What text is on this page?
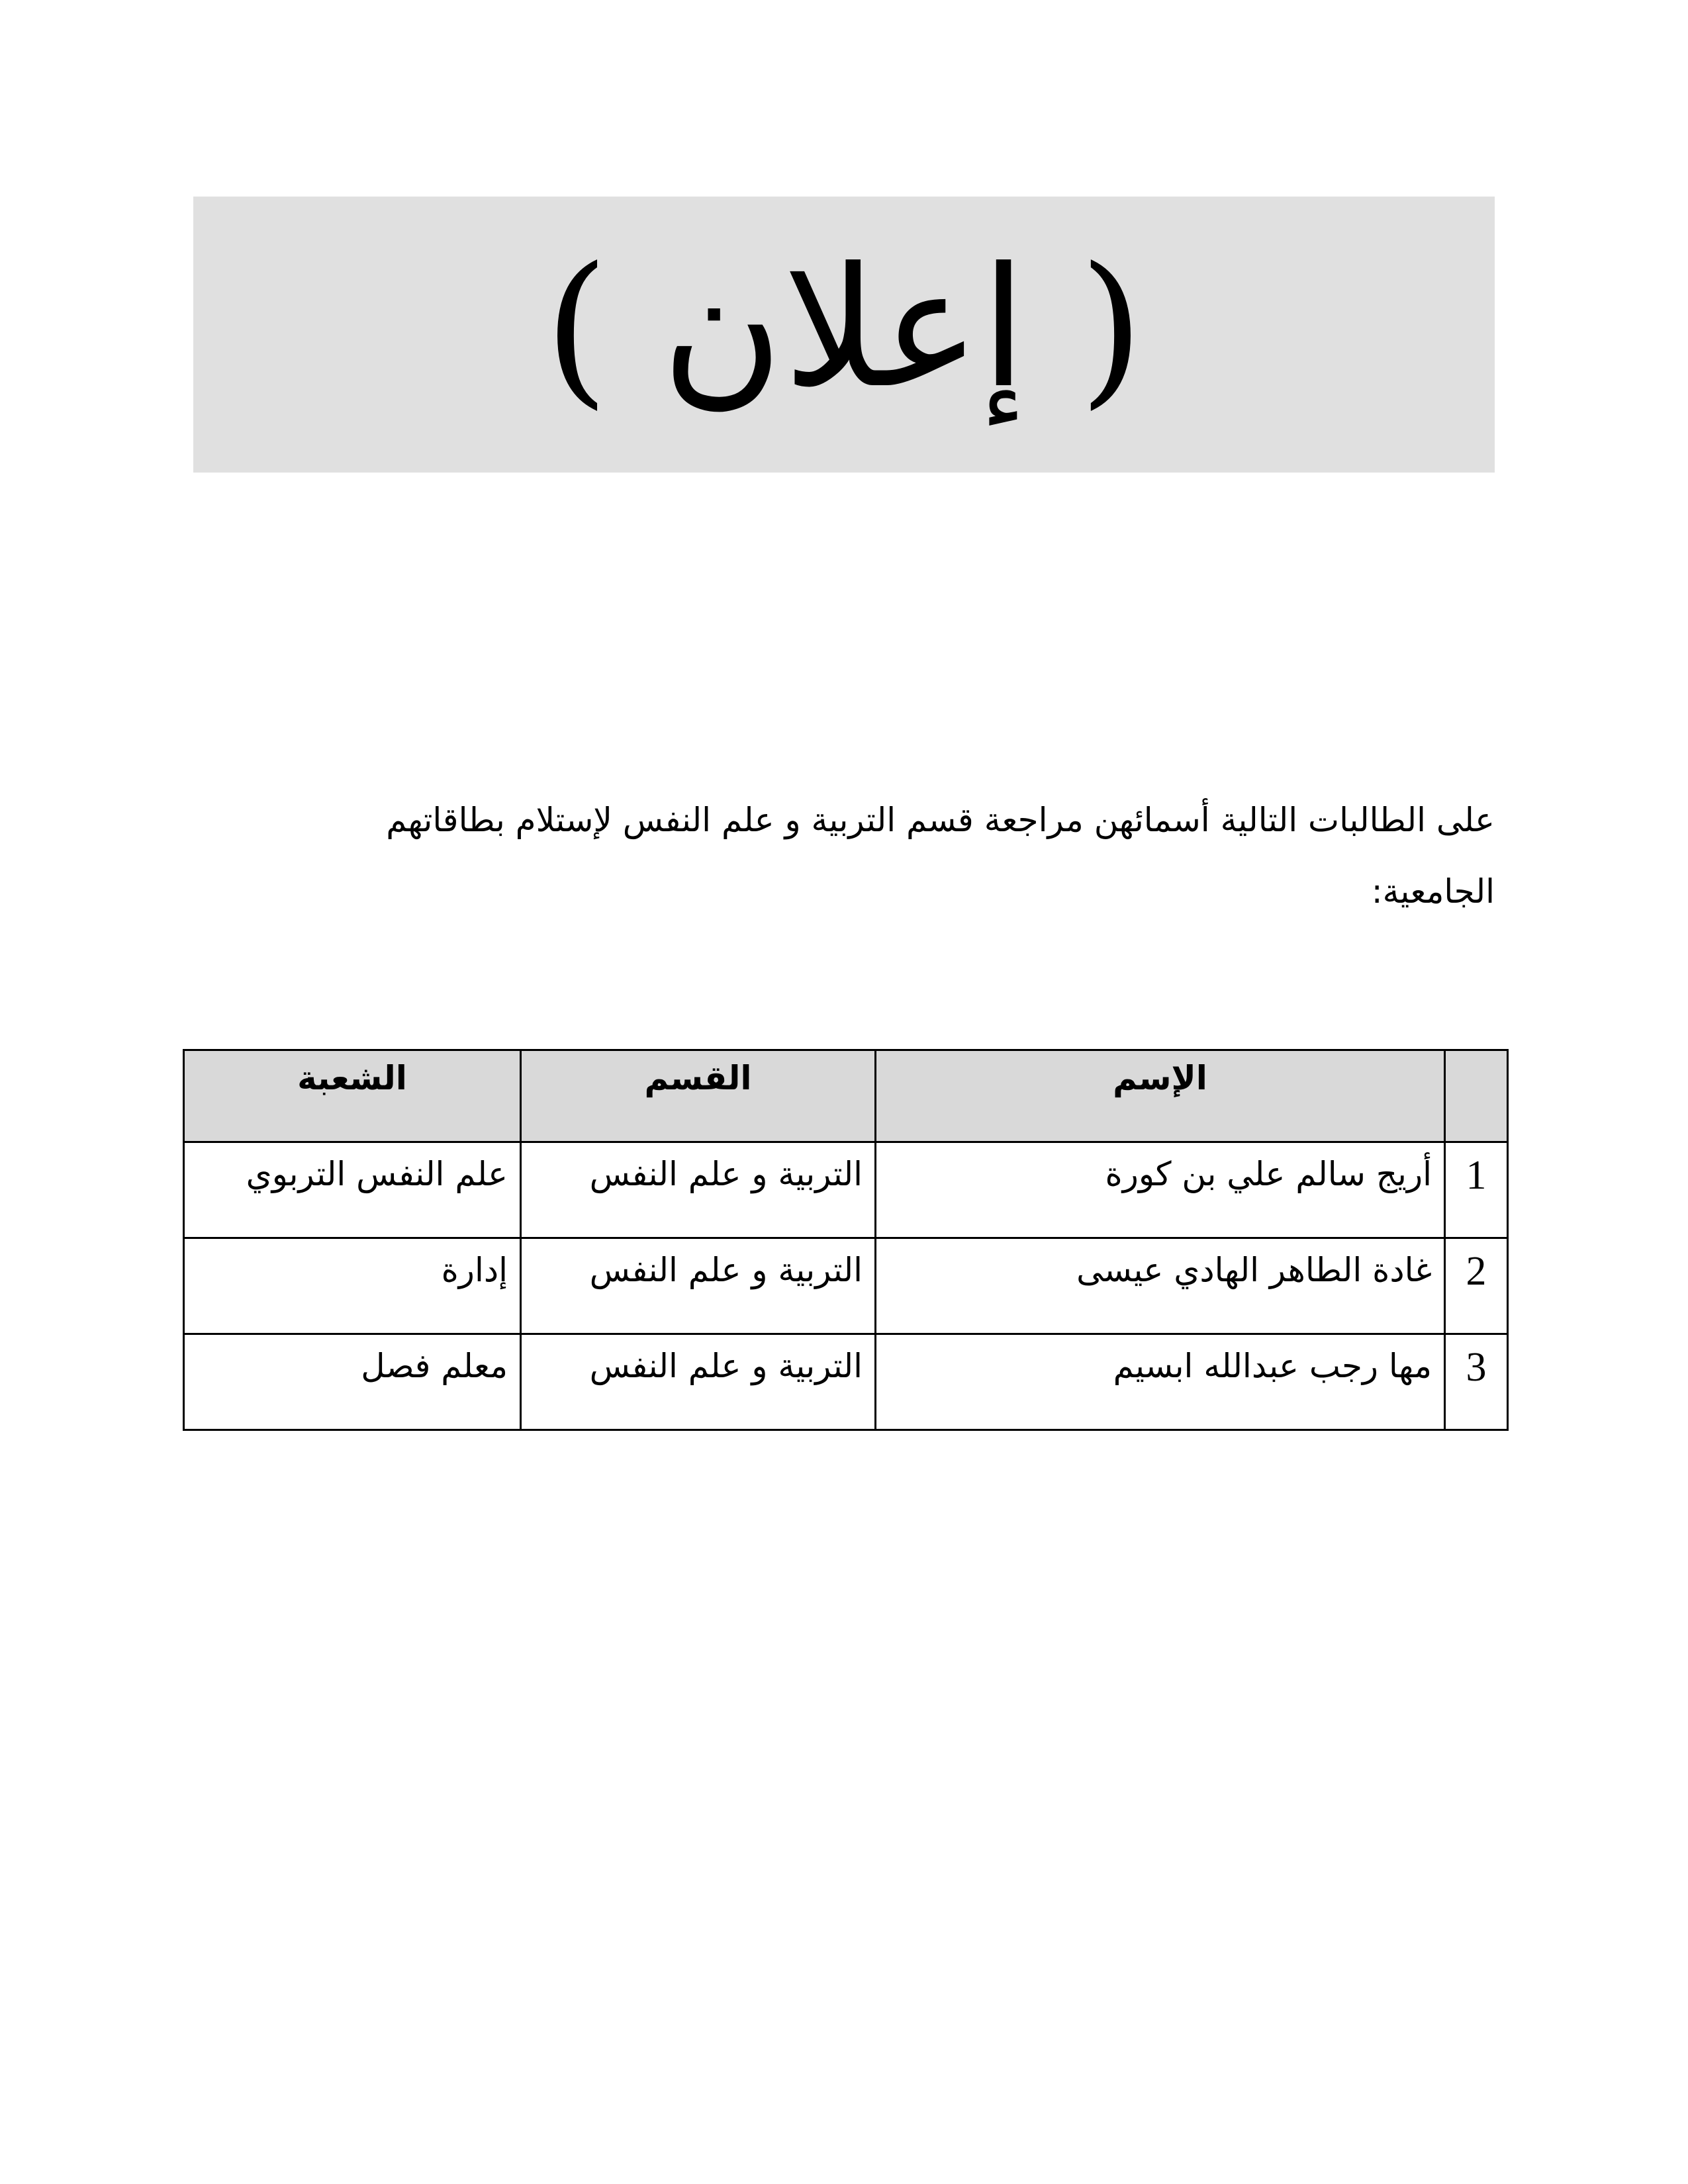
( إعلان )
على الطالبات التالية أسمائهن مراجعة قسم التربية و علم النفس لإستلام بطاقاتهم الجامعية:
	الإسم	القسم	الشعبة
1	أريج سالم علي بن كورة	التربية و علم النفس	علم النفس التربوي
2	غادة الطاهر الهادي عيسى	التربية و علم النفس	إدارة
3	مها رجب عبدالله ابسيم	التربية و علم النفس	معلم فصل
